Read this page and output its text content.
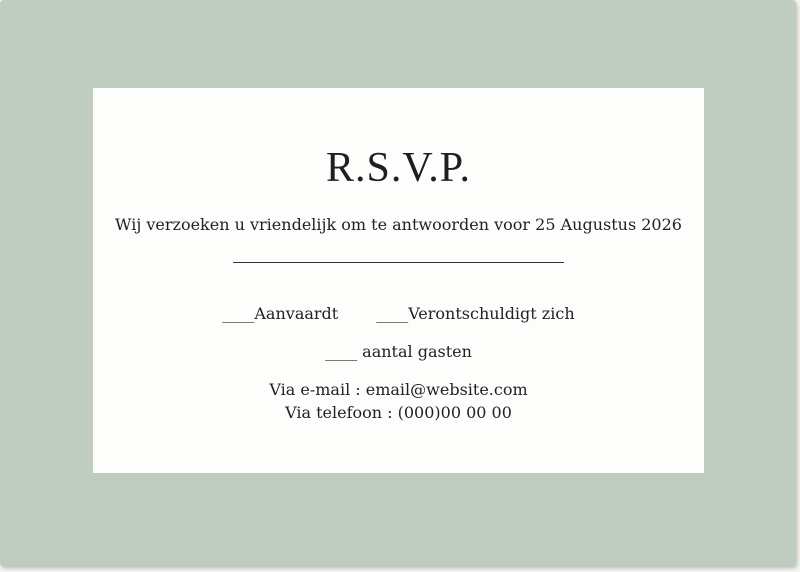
R.S.V.P.
Wij verzoeken u vriendelijk om te antwoorden voor 25 Augustus 2026
____Aanvaardt ____Verontschuldigt zich
____ aantal gasten
Via e-mail : email@website.com
Via telefoon : (000)00 00 00
